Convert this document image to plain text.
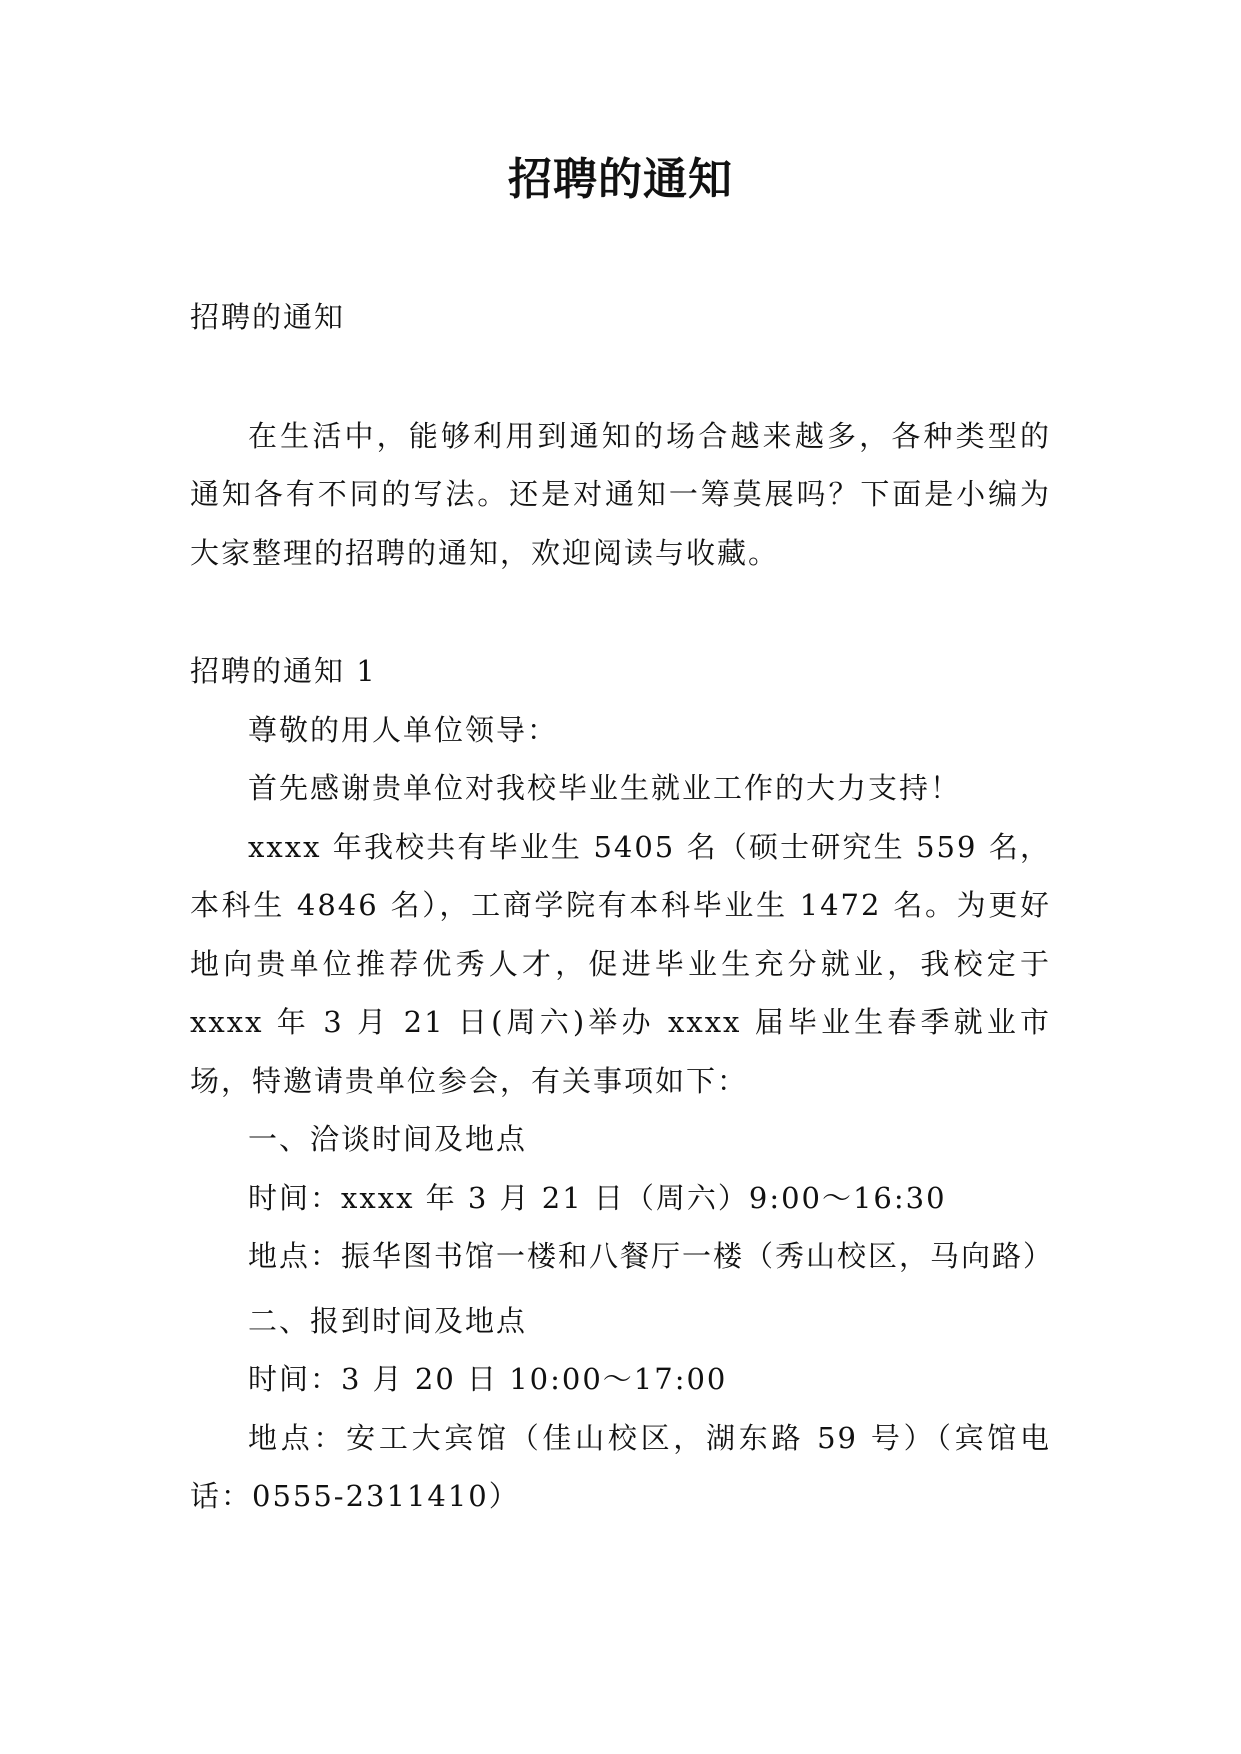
招聘的通知

招聘的通知

在生活中，能够利用到通知的场合越来越多，各种类型的通知各有不同的写法。还是对通知一筹莫展吗？下面是小编为大家整理的招聘的通知，欢迎阅读与收藏。

招聘的通知 1

尊敬的用人单位领导：

首先感谢贵单位对我校毕业生就业工作的大力支持！

xxxx 年我校共有毕业生 5405 名（硕士研究生 559 名，本科生 4846 名），工商学院有本科毕业生 1472 名。为更好地向贵单位推荐优秀人才，促进毕业生充分就业，我校定于 xxxx 年 3 月 21 日(周六)举办 xxxx 届毕业生春季就业市场，特邀请贵单位参会，有关事项如下：

一、洽谈时间及地点

时间：xxxx 年 3 月 21 日（周六）9:00～16:30

地点：振华图书馆一楼和八餐厅一楼（秀山校区，马向路）

二、报到时间及地点

时间：3 月 20 日 10:00～17:00

地点：安工大宾馆（佳山校区，湖东路 59 号）（宾馆电话：0555-2311410）
